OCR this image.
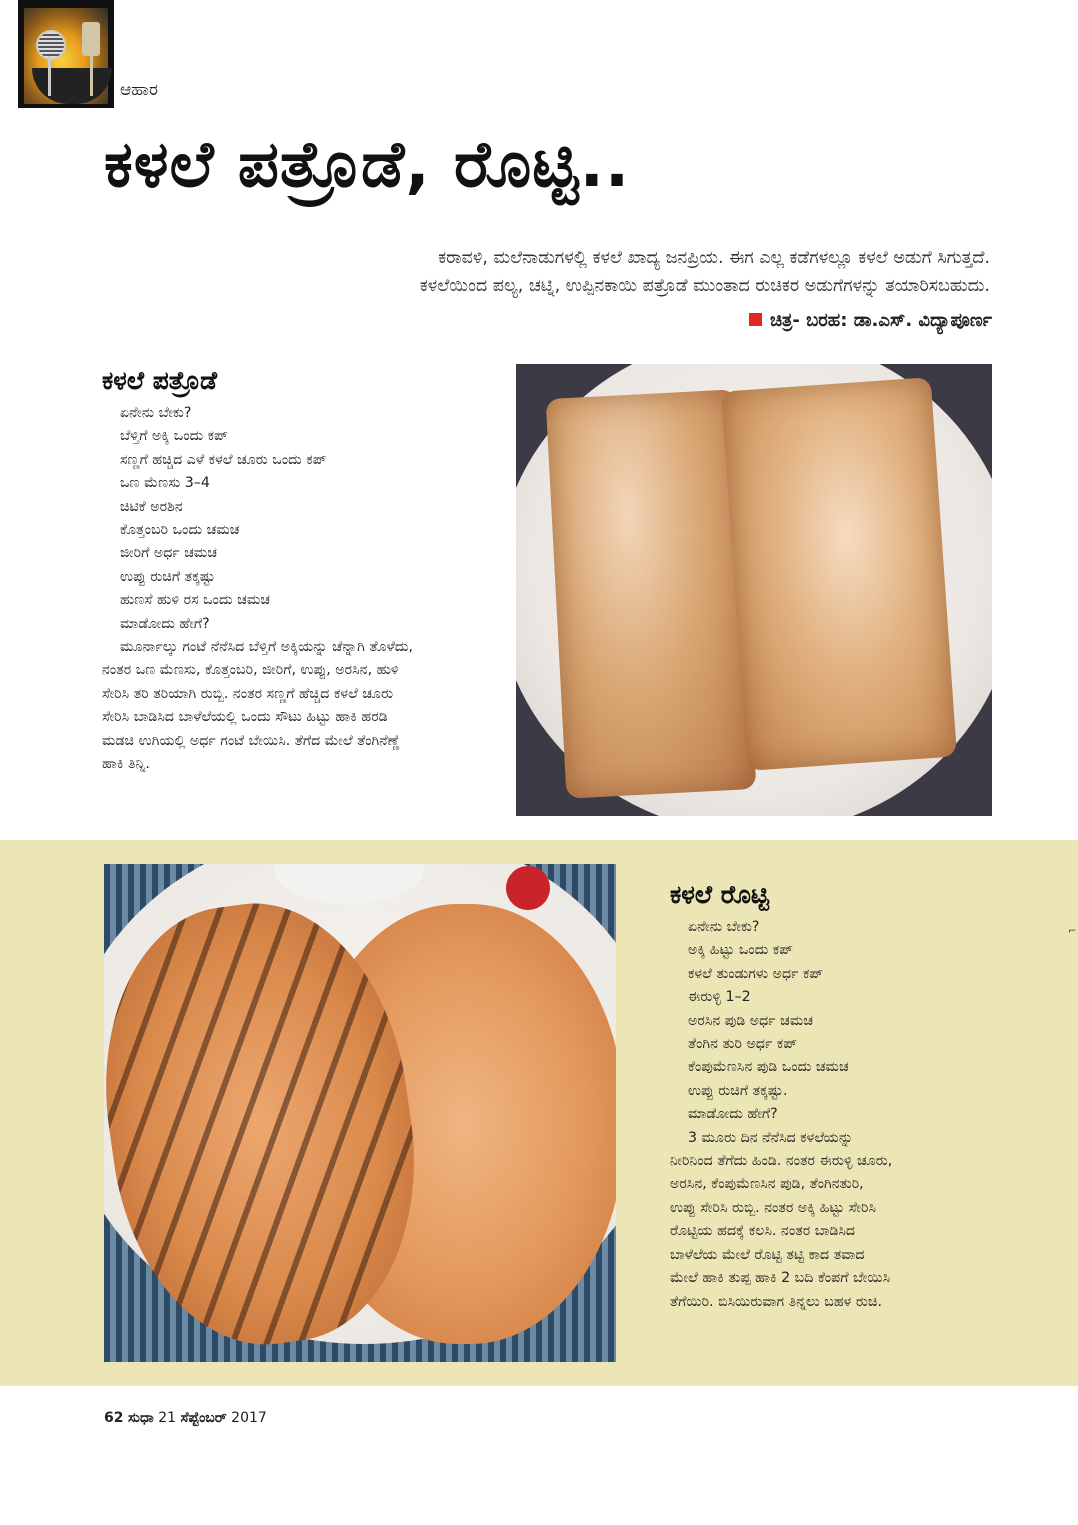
ಆಹಾರ
ಕಳಲೆ ಪತ್ರೊಡೆ, ರೊಟ್ಟಿ..
ಕರಾವಳಿ, ಮಲೆನಾಡುಗಳಲ್ಲಿ ಕಳಲೆ ಖಾದ್ಯ ಜನಪ್ರಿಯ. ಈಗ ಎಲ್ಲ ಕಡೆಗಳಲ್ಲೂ ಕಳಲೆ ಅಡುಗೆ ಸಿಗುತ್ತದೆ.
ಕಳಲೆಯಿಂದ ಪಲ್ಯ, ಚಟ್ನಿ, ಉಪ್ಪಿನಕಾಯಿ ಪತ್ರೊಡೆ ಮುಂತಾದ ರುಚಿಕರ ಅಡುಗೆಗಳನ್ನು ತಯಾರಿಸಬಹುದು.
ಚಿತ್ರ- ಬರಹ: ಡಾ.ಎಸ್. ವಿದ್ಯಾಪೂರ್ಣ
ಕಳಲೆ ಪತ್ರೊಡೆ
ಏನೇನು ಬೇಕು?
ಬೆಳ್ತಿಗೆ ಅಕ್ಕಿ ಒಂದು ಕಪ್
ಸಣ್ಣಗೆ ಹಚ್ಚಿದ ಎಳೆ ಕಳಲೆ ಚೂರು ಒಂದು ಕಪ್
ಒಣ ಮೆಣಸು 3–4
ಚಿಟಿಕೆ ಅರಶಿನ
ಕೊತ್ತಂಬರಿ ಒಂದು ಚಮಚ
ಜೀರಿಗೆ ಅರ್ಧ ಚಮಚ
ಉಪ್ಪು ರುಚಿಗೆ ತಕ್ಕಷ್ಟು
ಹುಣಸೆ ಹುಳಿ ರಸ ಒಂದು ಚಮಚ
ಮಾಡೋದು ಹೇಗೆ?
ಮೂರ್ನಾಲ್ಕು ಗಂಟೆ ನೆನೆಸಿದ ಬೆಳ್ತಿಗೆ ಅಕ್ಕಿಯನ್ನು ಚೆನ್ನಾಗಿ ತೊಳೆದು,
ನಂತರ ಒಣ ಮೆಣಸು, ಕೊತ್ತಂಬರಿ, ಜೀರಿಗೆ, ಉಪ್ಪು, ಅರಸಿನ, ಹುಳಿ
ಸೇರಿಸಿ ತರಿ ತರಿಯಾಗಿ ರುಬ್ಬಿ. ನಂತರ ಸಣ್ಣಗೆ ಹೆಚ್ಚಿದ ಕಳಲೆ ಚೂರು
ಸೇರಿಸಿ ಬಾಡಿಸಿದ ಬಾಳೆಲೆಯಲ್ಲಿ ಒಂದು ಸೌಟು ಹಿಟ್ಟು ಹಾಕಿ ಹರಡಿ
ಮಡಚಿ ಉಗಿಯಲ್ಲಿ ಅರ್ಧ ಗಂಟೆ ಬೇಯಿಸಿ. ತೆಗೆದ ಮೇಲೆ ತೆಂಗಿನೆಣ್ಣೆ
ಹಾಕಿ ತಿನ್ನಿ.
ಕಳಲೆ ರೊಟ್ಟಿ
ಏನೇನು ಬೇಕು?
ಅಕ್ಕಿ ಹಿಟ್ಟು ಒಂದು ಕಪ್
ಕಳಲೆ ತುಂಡುಗಳು ಅರ್ಧ ಕಪ್
ಈರುಳ್ಳಿ 1–2
ಅರಸಿನ ಪುಡಿ ಅರ್ಧ ಚಮಚ
ತೆಂಗಿನ ತುರಿ ಅರ್ಧ ಕಪ್
ಕೆಂಪುಮೆಣಸಿನ ಪುಡಿ ಒಂದು ಚಮಚ
ಉಪ್ಪು ರುಚಿಗೆ ತಕ್ಕಷ್ಟು.
ಮಾಡೋದು ಹೇಗೆ?
3 ಮೂರು ದಿನ ನೆನೆಸಿದ ಕಳಲೆಯನ್ನು
ನೀರಿನಿಂದ ತೆಗೆದು ಹಿಂಡಿ. ನಂತರ ಈರುಳ್ಳಿ ಚೂರು,
ಅರಸಿನ, ಕೆಂಪುಮೆಣಸಿನ ಪುಡಿ, ತೆಂಗಿನತುರಿ,
ಉಪ್ಪು ಸೇರಿಸಿ ರುಬ್ಬಿ. ನಂತರ ಅಕ್ಕಿ ಹಿಟ್ಟು ಸೇರಿಸಿ
ರೊಟ್ಟಿಯ ಹದಕ್ಕೆ ಕಲಸಿ. ನಂತರ ಬಾಡಿಸಿದ
ಬಾಳೆಲೆಯ ಮೇಲೆ ರೊಟ್ಟಿ ತಟ್ಟಿ ಕಾದ ತವಾದ
ಮೇಲೆ ಹಾಕಿ ತುಪ್ಪ ಹಾಕಿ 2 ಬದಿ ಕೆಂಪಗೆ ಬೇಯಿಸಿ
ತೆಗೆಯಿರಿ. ಬಿಸಿಯಿರುವಾಗ ತಿನ್ನಲು ಬಹಳ ರುಚಿ.
⌐
62 ಸುಧಾ 21 ಸೆಪ್ಟೆಂಬರ್ 2017
